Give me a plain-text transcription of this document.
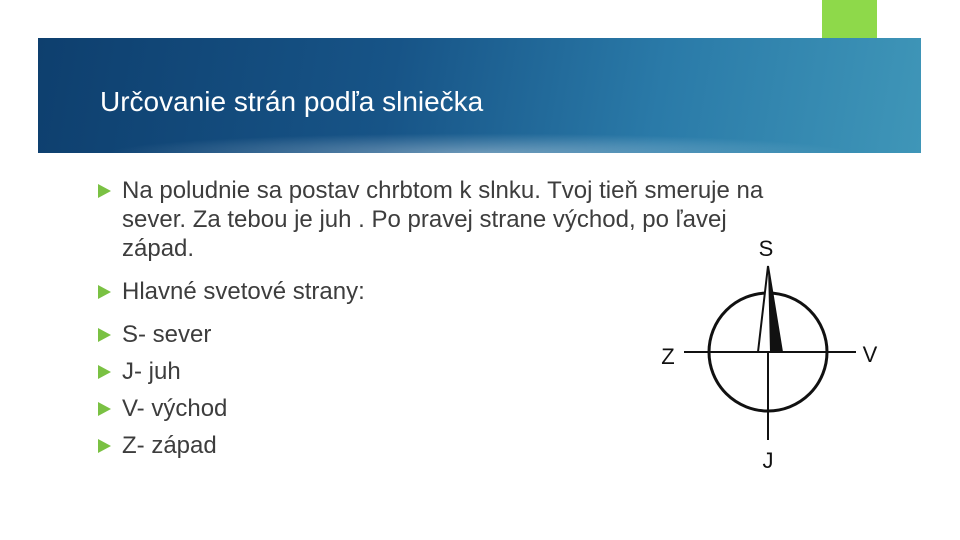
Určovanie strán podľa slniečka
Na poludnie sa postav chrbtom k slnku. Tvoj tieň smeruje na sever. Za tebou je juh . Po pravej strane východ, po ľavej západ.
Hlavné svetové strany:
S- sever
J- juh
V- východ
Z- západ
S
J
V
Z
